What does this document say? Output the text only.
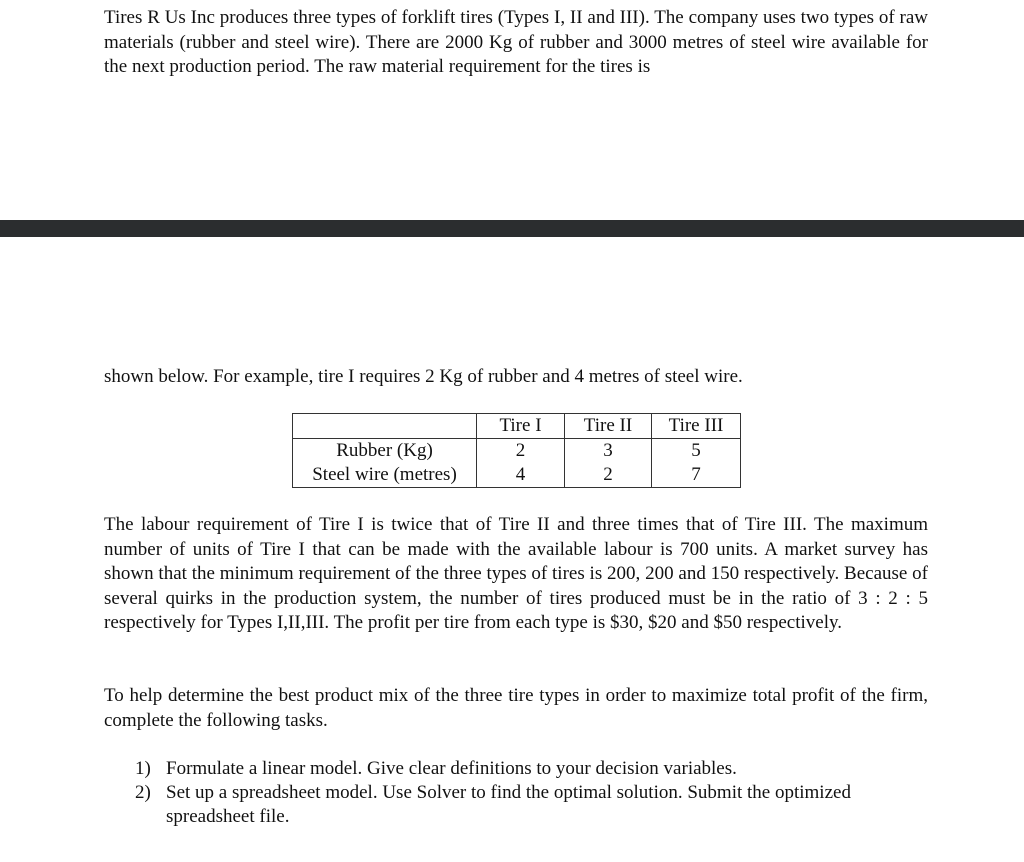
Tires R Us Inc produces three types of forklift tires (Types I, II and III). The company uses two types of raw materials (rubber and steel wire). There are 2000 Kg of rubber and 3000 metres of steel wire available for the next production period. The raw material requirement for the tires is

shown below. For example, tire I requires 2 Kg of rubber and 4 metres of steel wire.

	Tire I	Tire II	Tire III
Rubber (Kg)	2	3	5
Steel wire (metres)	4	2	7

The labour requirement of Tire I is twice that of Tire II and three times that of Tire III. The maximum number of units of Tire I that can be made with the available labour is 700 units. A market survey has shown that the minimum requirement of the three types of tires is 200, 200 and 150 respectively. Because of several quirks in the production system, the number of tires produced must be in the ratio of 3 : 2 : 5 respectively for Types I,II,III. The profit per tire from each type is $30, $20 and $50 respectively.

To help determine the best product mix of the three tire types in order to maximize total profit of the firm, complete the following tasks.

1) Formulate a linear model. Give clear definitions to your decision variables.
2) Set up a spreadsheet model. Use Solver to find the optimal solution. Submit the optimized spreadsheet file.
